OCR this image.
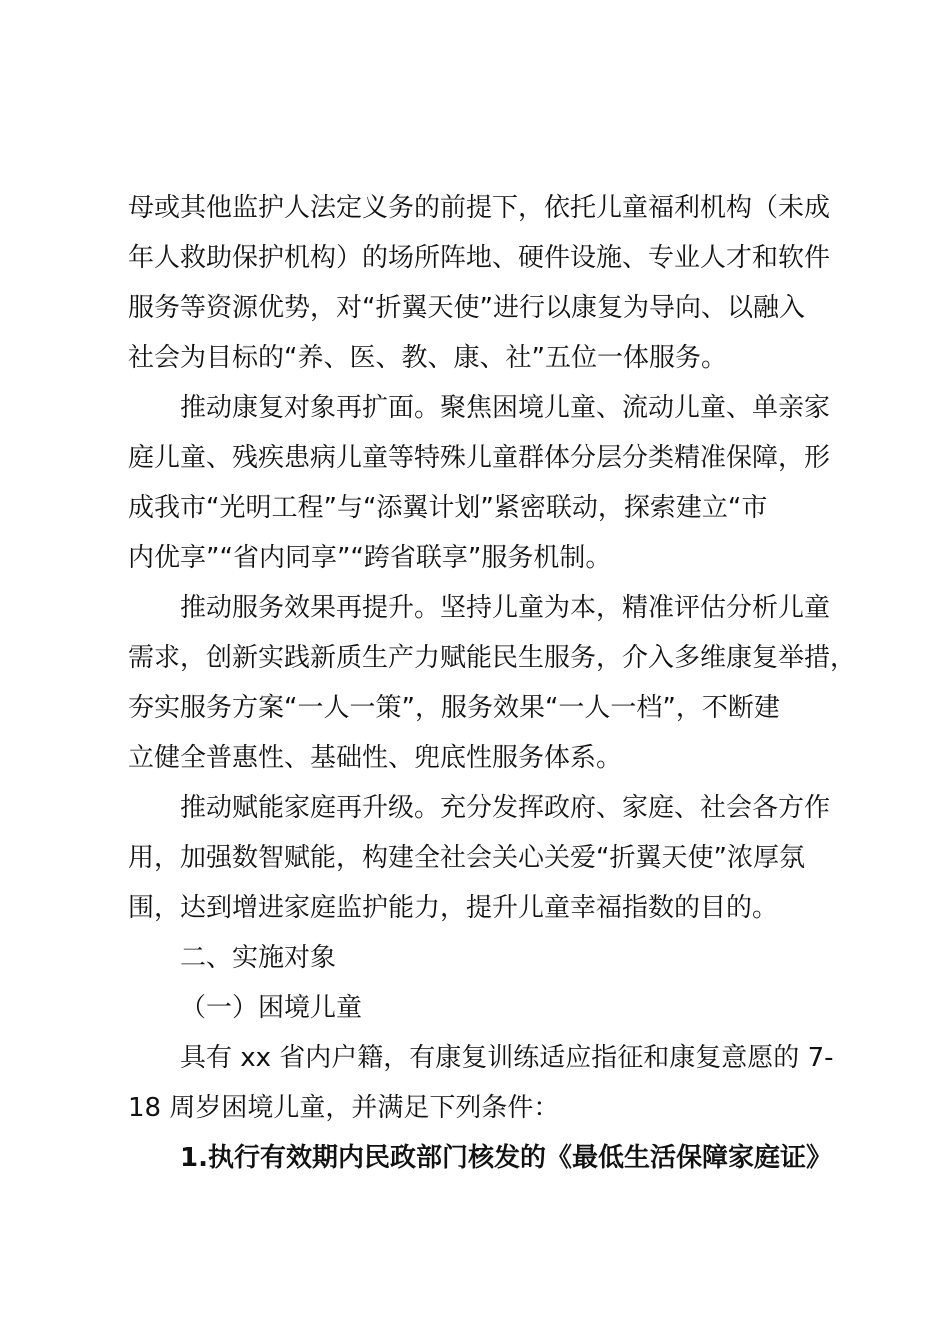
母或其他监护人法定义务的前提下，依托儿童福利机构（未成
年人救助保护机构）的场所阵地、硬件设施、专业人才和软件
服务等资源优势，对“折翼天使”进行以康复为导向、以融入
社会为目标的“养、医、教、康、社”五位一体服务。
推动康复对象再扩面。聚焦困境儿童、流动儿童、单亲家
庭儿童、残疾患病儿童等特殊儿童群体分层分类精准保障，形
成我市“光明工程”与“添翼计划”紧密联动，探索建立“市
内优享”“省内同享”“跨省联享”服务机制。
推动服务效果再提升。坚持儿童为本，精准评估分析儿童
需求，创新实践新质生产力赋能民生服务，介入多维康复举措，
夯实服务方案“一人一策”，服务效果“一人一档”，不断建
立健全普惠性、基础性、兜底性服务体系。
推动赋能家庭再升级。充分发挥政府、家庭、社会各方作
用，加强数智赋能，构建全社会关心关爱“折翼天使”浓厚氛
围，达到增进家庭监护能力，提升儿童幸福指数的目的。
二、实施对象
（一）困境儿童
具有 xx 省内户籍，有康复训练适应指征和康复意愿的 7-
18 周岁困境儿童，并满足下列条件：
1.执行有效期内民政部门核发的《最低生活保障家庭证》
